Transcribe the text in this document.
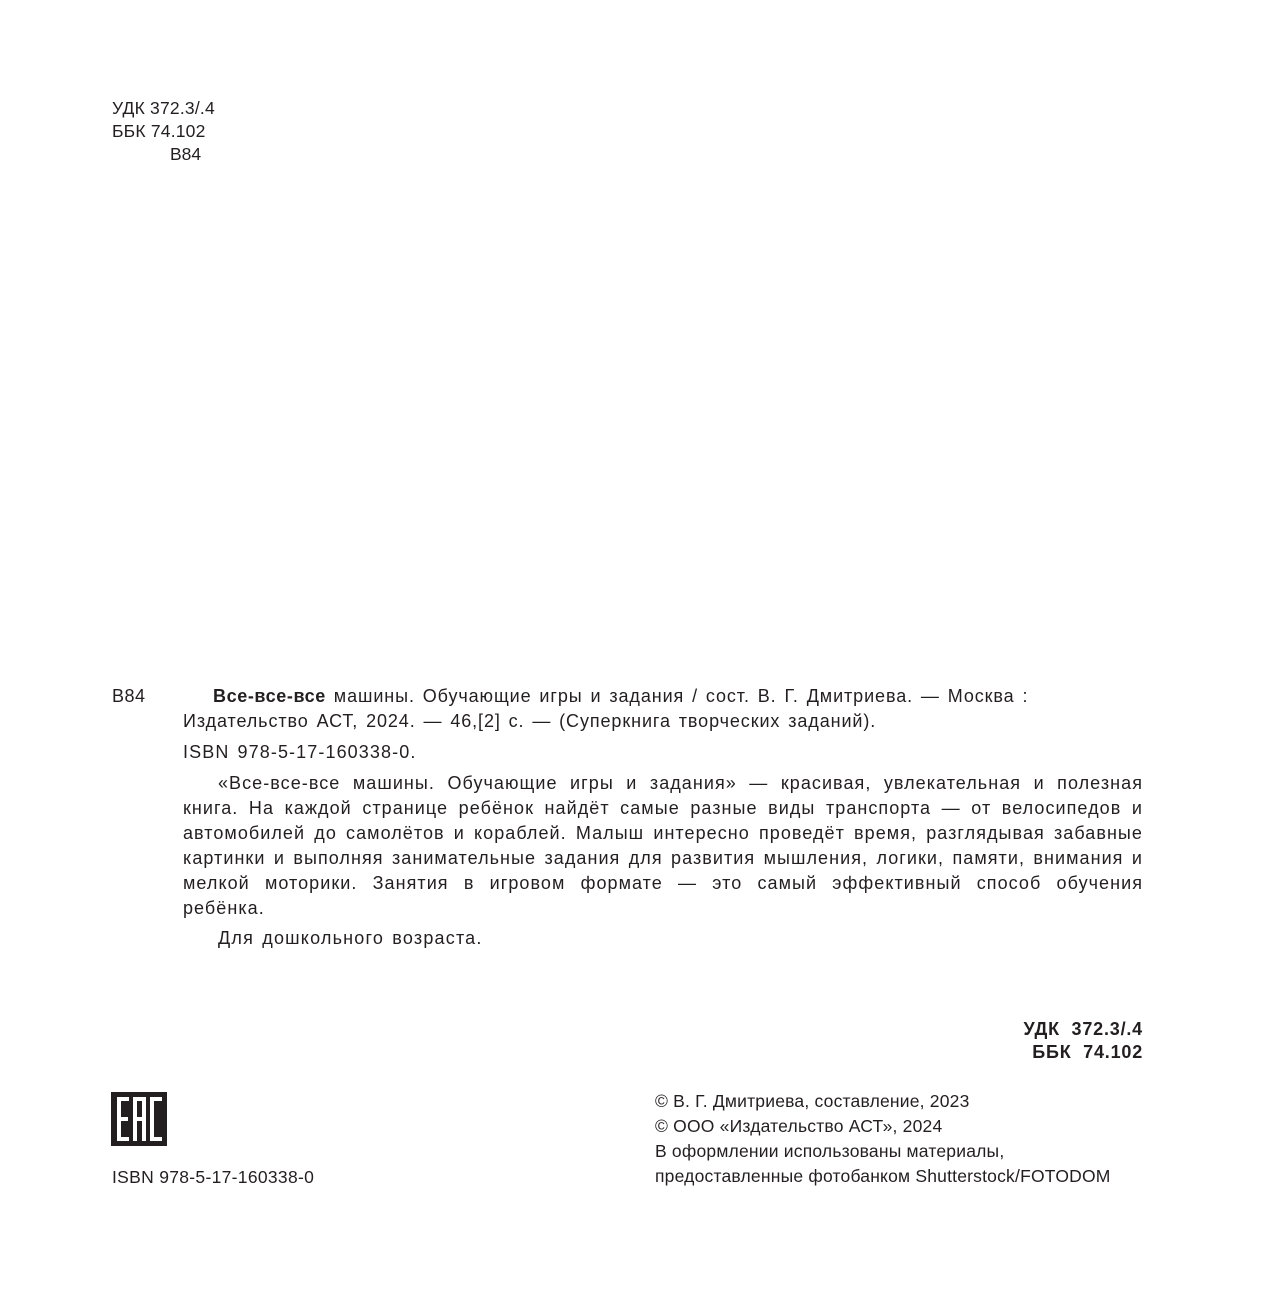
УДК 372.3/.4
ББК 74.102
В84
В84	Все-все-все машины. Обучающие игры и задания / сост. В. Г. Дмитриева. — Москва :

Издательство АСТ, 2024. — 46,[2] с. — (Суперкнига творческих заданий).

ISBN 978-5-17-160338-0.

«Все-все-все машины. Обучающие игры и задания» — красивая, увлекательная и полезная книга. На каждой странице ребёнок найдёт самые разные виды транспорта — от велосипедов и автомобилей до самолётов и кораблей. Малыш интересно проведёт время, разглядывая забавные картинки и выполняя занимательные задания для развития мышления, логики, памяти, внимания и мелкой моторики. Занятия в игровом формате — это самый эффективный способ обучения ребёнка.

Для дошкольного возраста.

УДК  372.3/.4
ББК  74.102
ISBN 978-5-17-160338-0
© В. Г. Дмитриева, составление, 2023
© ООО «Издательство АСТ», 2024
В оформлении использованы материалы,
предоставленные фотобанком Shutterstock/FOTODOM
